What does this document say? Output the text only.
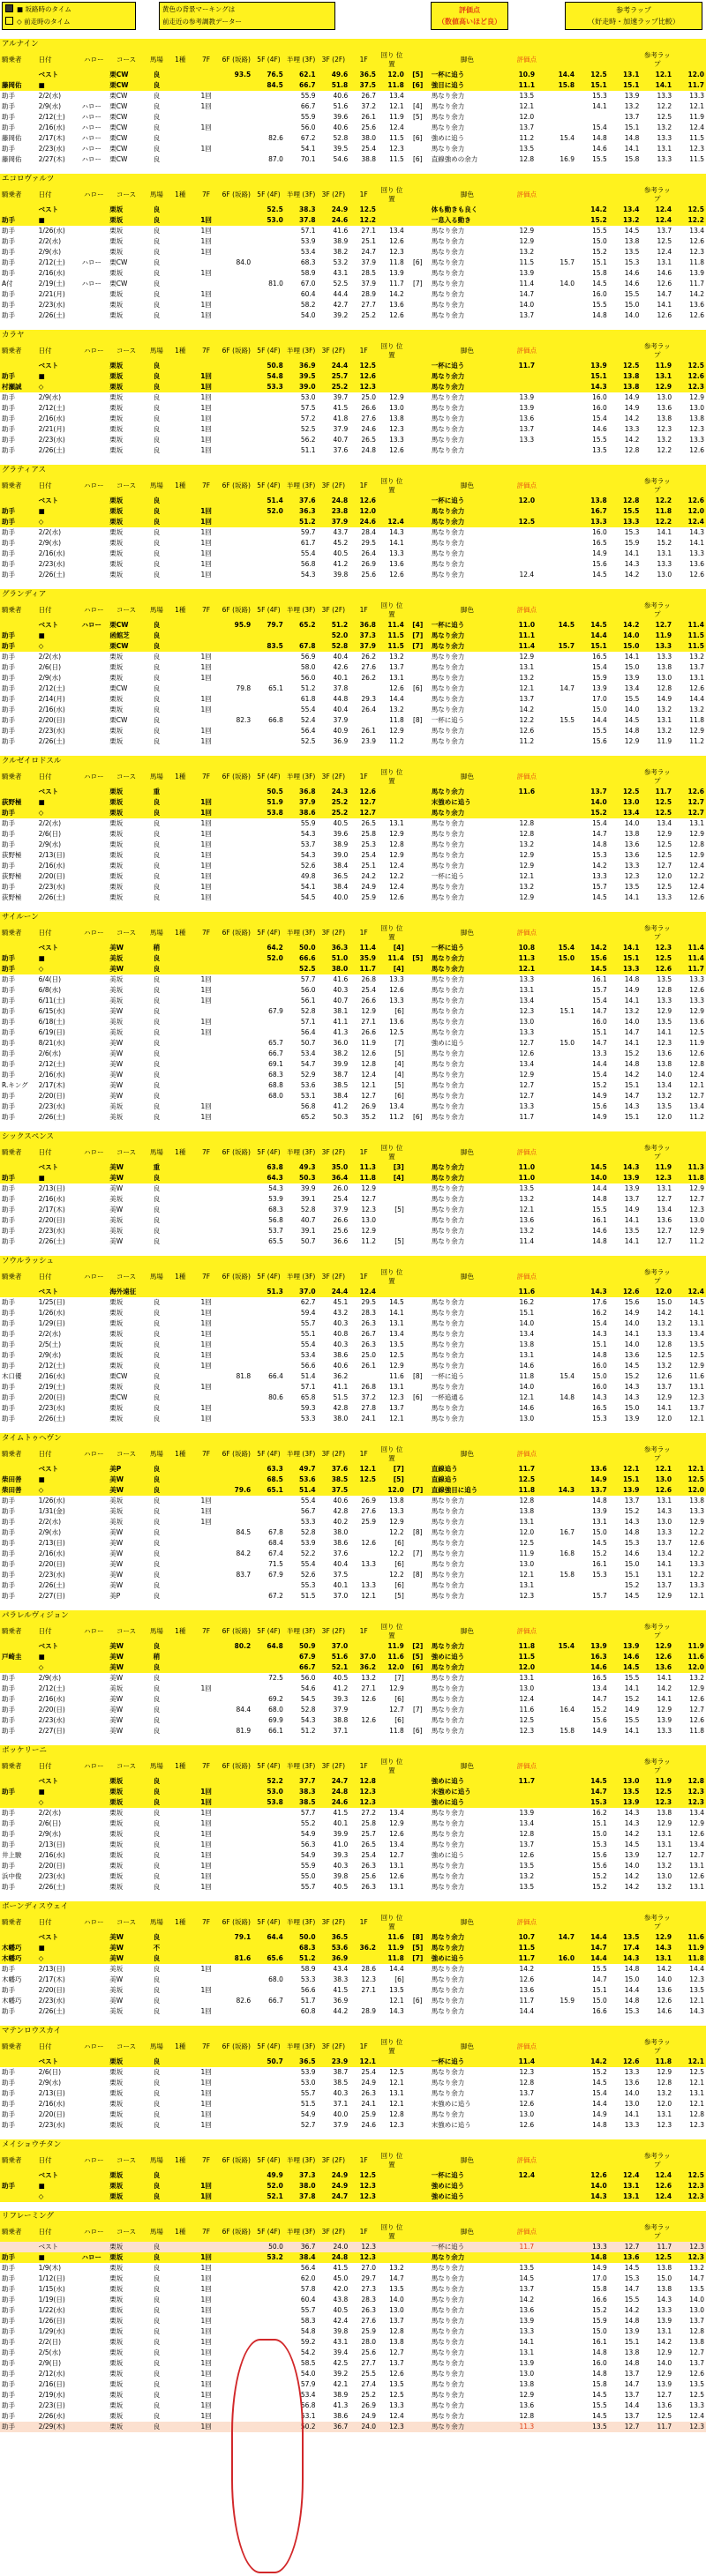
■ 坂路時のタイム
◇ 前走時のタイム
黄色の背景マーキングは
前走近の参考調教データー
評価点
（数値高いほど良）
参考ラップ
（好走時・加速ラップ比較）
アルナイン
騎乗者	日付	ハロー	コース	馬場	1種	7F	6F (坂路)	5F (4F)	半哩 (3F)	3F (2F)	1F	回り 位置		脚色	評価点				参考ラップ	
	ベスト		栗CW	良			93.5	76.5	62.1	49.6	36.5	12.0	[5]	一杯に追う	10.9	14.4	12.5	13.1	12.1	12.0
藤岡佑	■		栗CW	良				84.5	66.7	51.8	37.5	11.8	[6]	強目に追う	11.1	15.8	15.1	15.1	14.1	11.7
助手	2/2(水)		栗CW	良		1回			55.9	40.6	26.7	13.4		馬なり余力	13.5		15.3	13.9	13.3	13.3
助手	2/9(水)	ハロー	栗CW	良		1回			66.7	51.6	37.2	12.1	[4]	馬なり余力	12.1		14.1	13.2	12.2	12.1
助手	2/12(土)	ハロー	栗CW	良					55.9	39.6	26.1	11.9	[5]	馬なり余力	12.0			13.7	12.5	11.9
助手	2/16(水)	ハロー	栗CW	良		1回			56.0	40.6	25.6	12.4		馬なり余力	13.7		15.4	15.1	13.2	12.4
藤岡佑	2/17(木)	ハロー	栗CW	良				82.6	67.2	52.8	38.0	11.5	[6]	強めに追う	11.2	15.4	14.8	14.8	13.3	11.5
助手	2/23(水)	ハロー	栗CW	良		1回			54.1	39.5	25.4	12.3		馬なり余力	13.5		14.6	14.1	13.1	12.3
藤岡佑	2/27(木)	ハロー	栗CW	良				87.0	70.1	54.6	38.8	11.5	[6]	直線強めの余力	12.8	16.9	15.5	15.8	13.3	11.5
エコロヴァルツ
騎乗者	日付	ハロー	コース	馬場	1種	7F	6F (坂路)	5F (4F)	半哩 (3F)	3F (2F)	1F	回り 位置		脚色	評価点				参考ラップ	
	ベスト		栗坂	良				52.5	38.3	24.9	12.5			体も動きも良く			14.2	13.4	12.4	12.5
助手	■		栗坂	良		1回		53.0	37.8	24.6	12.2			一息入る動き			15.2	13.2	12.4	12.2
助手	1/26(水)		栗坂	良		1回			57.1	41.6	27.1	13.4		馬なり余力	12.9		15.5	14.5	13.7	13.4
助手	2/2(水)		栗坂	良		1回			53.9	38.9	25.1	12.6		馬なり余力	12.9		15.0	13.8	12.5	12.6
助手	2/9(水)		栗坂	良		1回			53.4	38.2	24.7	12.3		馬なり余力	13.2		15.2	13.5	12.4	12.3
助手	2/12(土)	ハロー	栗CW	良			84.0		68.3	53.2	37.9	11.8	[6]	馬なり余力	11.5	15.7	15.1	15.3	13.1	11.8
助手	2/16(水)		栗坂	良		1回			58.9	43.1	28.5	13.9		馬なり余力	13.9		15.8	14.6	14.6	13.9
A付	2/19(土)	ハロー	栗CW	良				81.0	67.0	52.5	37.9	11.7	[7]	馬なり余力	11.4	14.0	14.5	14.6	12.6	11.7
助手	2/21(月)		栗坂	良		1回			60.4	44.4	28.9	14.2		馬なり余力	14.7		16.0	15.5	14.7	14.2
助手	2/23(水)		栗坂	良		1回			58.2	42.7	27.7	13.6		馬なり余力	14.0		15.5	15.0	14.1	13.6
助手	2/26(土)		栗坂	良		1回			54.0	39.2	25.2	12.6		馬なり余力	13.7		14.8	14.0	12.6	12.6
カラヤ
騎乗者	日付	ハロー	コース	馬場	1種	7F	6F (坂路)	5F (4F)	半哩 (3F)	3F (2F)	1F	回り 位置		脚色	評価点				参考ラップ	
	ベスト		栗坂	良				50.8	36.9	24.4	12.5			一杯に追う	11.7		13.9	12.5	11.9	12.5
助手	■		栗坂	良		1回		54.8	39.5	25.7	12.6			馬なり余力			15.1	13.8	13.1	12.6
村瀬誠	◇		栗坂	良		1回		53.3	39.0	25.2	12.3			馬なり余力			14.3	13.8	12.9	12.3
助手	2/9(水)		栗坂	良		1回			53.0	39.7	25.0	12.9		馬なり余力	13.9		16.0	14.9	13.0	12.9
助手	2/12(土)		栗坂	良		1回			57.5	41.5	26.6	13.0		馬なり余力	13.9		16.0	14.9	13.6	13.0
助手	2/16(水)		栗坂	良		1回			57.2	41.8	27.6	13.8		馬なり余力	13.6		15.4	14.2	13.8	13.8
助手	2/21(月)		栗坂	良		1回			52.5	37.9	24.6	12.3		馬なり余力	13.7		14.6	13.3	12.3	12.3
助手	2/23(水)		栗坂	良		1回			56.2	40.7	26.5	13.3		馬なり余力	13.3		15.5	14.2	13.2	13.3
助手	2/26(土)		栗坂	良		1回			51.1	37.6	24.8	12.6		馬なり余力			13.5	12.8	12.2	12.6
グラティアス
騎乗者	日付	ハロー	コース	馬場	1種	7F	6F (坂路)	5F (4F)	半哩 (3F)	3F (2F)	1F	回り 位置		脚色	評価点				参考ラップ	
	ベスト		栗坂	良				51.4	37.6	24.8	12.6			一杯に追う	12.0		13.8	12.8	12.2	12.6
助手	■		栗坂	良		1回		52.0	36.3	23.8	12.0			馬なり余力			16.7	15.5	11.8	12.0
助手	◇		栗坂	良		1回			51.2	37.9	24.6	12.4		馬なり余力	12.5		13.3	13.3	12.2	12.4
助手	2/2(水)		栗坂	良		1回			59.7	43.7	28.4	14.3		馬なり余力			16.0	15.3	14.1	14.3
助手	2/9(水)		栗坂	良		1回			61.7	45.2	29.5	14.1		馬なり余力			16.5	15.9	15.2	14.1
助手	2/16(水)		栗坂	良		1回			55.4	40.5	26.4	13.3		馬なり余力			14.9	14.1	13.1	13.3
助手	2/23(水)		栗坂	良		1回			56.8	41.2	26.9	13.6		馬なり余力			15.6	14.3	13.3	13.6
助手	2/26(土)		栗坂	良		1回			54.3	39.8	25.6	12.6		馬なり余力	12.4		14.5	14.2	13.0	12.6
グランディア
騎乗者	日付	ハロー	コース	馬場	1種	7F	6F (坂路)	5F (4F)	半哩 (3F)	3F (2F)	1F	回り 位置		脚色	評価点				参考ラップ	
	ベスト	ハロー	栗CW	良			95.9	79.7	65.2	51.2	36.8	11.4	[4]	一杯に追う	11.0	14.5	14.5	14.2	12.7	11.4
助手	■		函館芝	良						52.0	37.3	11.5	[7]	馬なり余力	11.1		14.4	14.0	11.9	11.5
助手	◇		栗CW	良				83.5	67.8	52.8	37.9	11.5	[7]	馬なり余力	11.4	15.7	15.1	15.0	13.3	11.5
助手	2/2(水)		栗坂	良		1回			56.9	40.4	26.2	13.2		馬なり余力	12.9		16.5	14.1	13.3	13.2
助手	2/6(日)		栗坂	良		1回			58.0	42.6	27.6	13.7		馬なり余力	13.1		15.4	15.0	13.8	13.7
助手	2/9(水)		栗坂	良		1回			56.0	40.1	26.2	13.1		馬なり余力	13.2		15.9	13.9	13.0	13.1
助手	2/12(土)		栗CW	良			79.8	65.1	51.2	37.8		12.6	[6]	馬なり余力	12.1	14.7	13.9	13.4	12.8	12.6
助手	2/14(月)		栗坂	良		1回			61.8	44.8	29.3	14.4		馬なり余力	13.7		17.0	15.5	14.9	14.4
助手	2/16(水)		栗坂	良		1回			55.4	40.4	26.4	13.2		馬なり余力	14.2		15.0	14.0	13.2	13.2
助手	2/20(日)		栗CW	良			82.3	66.8	52.4	37.9		11.8	[8]	一杯に追う	12.2	15.5	14.4	14.5	13.1	11.8
助手	2/23(水)		栗坂	良		1回			56.4	40.9	26.1	12.9		馬なり余力	12.6		15.5	14.8	13.2	12.9
助手	2/26(土)		栗坂	良		1回			52.5	36.9	23.9	11.2		馬なり余力	11.2		15.6	12.9	11.9	11.2
クルゼイロドスル
騎乗者	日付	ハロー	コース	馬場	1種	7F	6F (坂路)	5F (4F)	半哩 (3F)	3F (2F)	1F	回り 位置		脚色	評価点				参考ラップ	
	ベスト		栗坂	重				50.5	36.8	24.3	12.6			馬なり余力	11.6		13.7	12.5	11.7	12.6
荻野極	■		栗坂	良		1回		51.9	37.9	25.2	12.7			末強めに追う			14.0	13.0	12.5	12.7
助手	◇		栗坂	良		1回		53.8	38.6	25.2	12.7			馬なり余力			15.2	13.4	12.5	12.7
助手	2/2(水)		栗坂	良		1回			55.9	40.5	26.5	13.1		馬なり余力	12.8		15.4	14.0	13.4	13.1
助手	2/6(日)		栗坂	良		1回			54.3	39.6	25.8	12.9		馬なり余力	12.8		14.7	13.8	12.9	12.9
助手	2/9(水)		栗坂	良		1回			53.7	38.9	25.3	12.8		馬なり余力	13.2		14.8	13.6	12.5	12.8
荻野極	2/13(日)		栗坂	良		1回			54.3	39.0	25.4	12.9		馬なり余力	12.9		15.3	13.6	12.5	12.9
助手	2/16(水)		栗坂	良		1回			52.6	38.4	25.1	12.4		馬なり余力	12.9		14.2	13.3	12.7	12.4
荻野極	2/20(日)		栗坂	良		1回			49.8	36.5	24.2	12.2		一杯に追う	12.1		13.3	12.3	12.0	12.2
助手	2/23(水)		栗坂	良		1回			54.1	38.4	24.9	12.4		馬なり余力	13.2		15.7	13.5	12.5	12.4
荻野極	2/26(土)		栗坂	良		1回			54.5	40.0	25.9	12.6		馬なり余力	12.9		14.5	14.1	13.3	12.6
サイルーン
騎乗者	日付	ハロー	コース	馬場	1種	7F	6F (坂路)	5F (4F)	半哩 (3F)	3F (2F)	1F	回り 位置		脚色	評価点				参考ラップ	
	ベスト		美W	稍				64.2	50.0	36.3	11.4	[4]		一杯に追う	10.8	15.4	14.2	14.1	12.3	11.4
助手	■		美坂	良				52.0	66.6	51.0	35.9	11.4	[5]	馬なり余力	11.3	15.0	15.6	15.1	12.5	11.4
助手	◇		美W	良					52.5	38.0	11.7	[4]		馬なり余力	12.1		14.5	13.3	12.6	11.7
助手	6/4(日)		美坂	良		1回			57.7	41.6	26.8	13.3		馬なり余力	13.3		16.1	14.8	13.5	13.3
助手	6/8(水)		美坂	良		1回			56.0	40.3	25.4	12.6		馬なり余力	13.1		15.7	14.9	12.8	12.6
助手	6/11(土)		美坂	良		1回			56.1	40.7	26.6	13.3		馬なり余力	13.4		15.4	14.1	13.3	13.3
助手	6/15(水)		美W	良				67.9	52.8	38.1	12.9	[6]		馬なり余力	12.3	15.1	14.7	13.2	12.9	12.9
助手	6/18(土)		美坂	良		1回			57.1	41.1	27.1	13.6		馬なり余力	13.0		16.0	14.0	13.5	13.6
助手	6/19(日)		美坂	良		1回			56.4	41.3	26.6	12.5		馬なり余力	13.3		15.1	14.7	14.1	12.5
助手	8/21(水)		美W	良				65.7	50.7	36.0	11.9	[7]		強めに追う	12.7	15.0	14.7	14.1	12.3	11.9
助手	2/6(水)		美W	良				66.7	53.4	38.2	12.6	[5]		馬なり余力	12.6		13.3	15.2	13.6	12.6
助手	2/12(土)		美W	良				69.1	54.7	39.9	12.8	[4]		馬なり余力	13.4		14.4	14.8	13.8	12.8
助手	2/16(水)		美W	良				68.3	52.9	38.7	12.4	[4]		馬なり余力	12.9		15.4	14.2	14.0	12.4
R.キング	2/17(木)		美W	良				68.8	53.6	38.5	12.1	[5]		馬なり余力	12.7		15.2	15.1	13.4	12.1
助手	2/20(日)		美W	良				68.0	53.1	38.4	12.7	[6]		馬なり余力	12.7		14.9	14.7	13.2	12.7
助手	2/23(水)		美坂	良		1回			56.8	41.2	26.9	13.4		馬なり余力	13.3		15.6	14.3	13.5	13.4
助手	2/26(土)		美坂	良		1回			65.2	50.3	35.2	11.2	[6]	馬なり余力	11.7		14.9	15.1	12.0	11.2
シックスペンス
騎乗者	日付	ハロー	コース	馬場	1種	7F	6F (坂路)	5F (4F)	半哩 (3F)	3F (2F)	1F	回り 位置		脚色	評価点				参考ラップ	
	ベスト		美W	重				63.8	49.3	35.0	11.3	[3]		馬なり余力	11.0		14.5	14.3	11.9	11.3
助手	■		美W	良				64.3	50.3	36.4	11.8	[4]		馬なり余力	11.0		14.0	13.9	12.3	11.8
助手	2/13(日)		美W	良				54.3	39.9	26.0	12.9			馬なり余力	13.5		14.4	13.9	13.1	12.9
助手	2/16(水)		美坂	良				53.9	39.1	25.4	12.7			馬なり余力	13.2		14.8	13.7	12.7	12.7
助手	2/17(木)		美W	良				68.3	52.8	37.9	12.3	[5]		馬なり余力	12.1		15.5	14.9	13.4	12.3
助手	2/20(日)		美坂	良				56.8	40.7	26.6	13.0			馬なり余力	13.6		16.1	14.1	13.6	13.0
助手	2/23(水)		美坂	良				53.7	39.1	25.6	12.9			馬なり余力	13.2		14.6	13.5	12.7	12.9
助手	2/26(土)		美W	良				65.5	50.7	36.6	11.2	[5]		馬なり余力	11.4		14.8	14.1	12.7	11.2
ソウルラッシュ
騎乗者	日付	ハロー	コース	馬場	1種	7F	6F (坂路)	5F (4F)	半哩 (3F)	3F (2F)	1F	回り 位置		脚色	評価点				参考ラップ	
	ベスト		海外遠征					51.3	37.0	24.4	12.4				11.6		14.3	12.6	12.0	12.4
助手	1/25(日)		栗坂	良		1回			62.7	45.1	29.5	14.5		馬なり余力	16.2		17.6	15.6	15.0	14.5
助手	1/26(水)		栗坂	良		1回			59.4	43.2	28.3	14.1		馬なり余力	15.1		16.2	14.9	14.2	14.1
助手	1/29(日)		栗坂	良		1回			55.7	40.3	26.3	13.1		馬なり余力	14.0		15.4	14.0	13.2	13.1
助手	2/2(水)		栗坂	良		1回			55.1	40.8	26.7	13.4		馬なり余力	13.4		14.3	14.1	13.3	13.4
助手	2/5(土)		栗坂	良		1回			55.4	40.3	26.3	13.5		馬なり余力	13.8		15.1	14.0	12.8	13.5
助手	2/9(水)		栗坂	良		1回			53.4	38.6	25.0	12.5		馬なり余力	13.1		14.8	13.6	12.5	12.5
助手	2/12(土)		栗坂	良		1回			56.6	40.6	26.1	12.9		馬なり余力	14.6		16.0	14.5	13.2	12.9
木口優	2/16(水)		栗CW	良			81.8	66.4	51.4	36.2		11.6	[8]	一杯に追う	11.8	15.4	15.0	15.2	12.6	11.6
助手	2/19(土)		栗坂	良		1回			57.1	41.1	26.8	13.1		馬なり余力	14.0		16.0	14.3	13.7	13.1
助手	2/20(日)		栗CW	良				80.6	65.8	51.5	37.2	12.3	[6]	一杯追通る	12.1	14.8	14.3	14.3	12.9	12.3
助手	2/23(水)		栗坂	良		1回			59.3	42.8	27.8	13.7		馬なり余力	14.6		16.5	15.0	14.1	13.7
助手	2/26(土)		栗坂	良		1回			53.3	38.0	24.1	12.1		馬なり余力	13.0		15.3	13.9	12.0	12.1
タイムトゥヘヴン
騎乗者	日付	ハロー	コース	馬場	1種	7F	6F (坂路)	5F (4F)	半哩 (3F)	3F (2F)	1F	回り 位置		脚色	評価点				参考ラップ	
	ベスト		美P	良				63.3	49.7	37.6	12.1	[7]		直線追う	11.7		13.6	12.1	12.1	12.1
柴田善	■		美W	良				68.5	53.6	38.5	12.5	[5]		直線追う	12.5		14.9	15.1	13.0	12.5
柴田善	◇		美W	良			79.6	65.1	51.4	37.5		12.0	[7]	直線強目に追う	11.8	14.3	13.7	13.9	12.6	12.0
助手	1/26(水)		美坂	良		1回			55.4	40.6	26.9	13.8		馬なり余力	12.8		14.8	13.7	13.1	13.8
助手	1/31(金)		美坂	良		1回			56.7	42.8	27.6	13.3		馬なり余力	13.8		13.9	15.2	14.3	13.3
助手	2/2(水)		美坂	良		1回			53.3	40.2	25.9	12.9		馬なり余力	13.1		13.1	14.3	13.0	12.9
助手	2/9(水)		美W	良			84.5	67.8	52.8	38.0		12.2	[8]	馬なり余力	12.0	16.7	15.0	14.8	13.3	12.2
助手	2/13(日)		美W	良				68.4	53.9	38.6	12.6	[6]		馬なり余力	12.5		14.5	15.3	13.7	12.6
助手	2/16(水)		美W	良			84.2	67.4	52.2	37.6		12.2	[7]	馬なり余力	11.9	16.8	15.2	14.6	13.4	12.2
助手	2/20(日)		美W	良				71.5	55.4	40.4	13.3	[6]		馬なり余力	13.0		16.1	15.0	14.1	13.3
助手	2/23(水)		美W	良			83.7	67.9	52.6	37.5		12.2	[8]	馬なり余力	12.1	15.8	15.3	15.1	13.1	12.2
助手	2/26(土)		美W	良					55.3	40.1	13.3	[6]		馬なり余力	13.1			15.2	13.7	13.3
助手	2/27(日)		美P	良				67.2	51.5	37.0	12.1	[5]		馬なり余力	12.3		15.7	14.5	12.9	12.1
パラレルヴィジョン
騎乗者	日付	ハロー	コース	馬場	1種	7F	6F (坂路)	5F (4F)	半哩 (3F)	3F (2F)	1F	回り 位置		脚色	評価点				参考ラップ	
	ベスト		美W	良			80.2	64.8	50.9	37.0		11.9	[2]	馬なり余力	11.8	15.4	13.9	13.9	12.9	11.9
戸崎圭	■		美W	稍					67.9	51.6	37.0	11.6	[5]	強めに追う	11.5		16.3	14.6	12.6	11.6
	◇		美W	良					66.7	52.1	36.2	12.0	[6]	馬なり余力	12.0		14.6	14.5	13.6	12.0
助手	2/9(水)		美W	良				72.5	56.0	40.5	13.2	[7]		馬なり余力	13.1		16.5	15.5	14.1	13.2
助手	2/12(土)		美坂	良		1回			54.6	41.2	27.1	12.9		馬なり余力	13.0		13.4	14.1	14.2	12.9
助手	2/16(水)		美W	良				69.2	54.5	39.3	12.6	[6]		馬なり余力	12.4		14.7	15.2	14.1	12.6
助手	2/20(日)		美W	良			84.4	68.0	52.8	37.9		12.7	[7]	馬なり余力	11.6	16.4	15.2	14.9	12.9	12.7
助手	2/23(水)		美W	良				69.9	54.3	38.8	12.6	[6]		馬なり余力	12.5		15.6	15.5	13.9	12.6
助手	2/27(日)		美W	良			81.9	66.1	51.2	37.1		11.8	[6]	馬なり余力	12.3	15.8	14.9	14.1	13.3	11.8
ボッケリーニ
騎乗者	日付	ハロー	コース	馬場	1種	7F	6F (坂路)	5F (4F)	半哩 (3F)	3F (2F)	1F	回り 位置		脚色	評価点				参考ラップ	
	ベスト		栗坂	良				52.2	37.7	24.7	12.8			強めに追う	11.7		14.5	13.0	11.9	12.8
助手	■		栗坂	良		1回		53.0	38.3	24.8	12.3			末強めに追う			14.7	13.5	12.5	12.3
	◇		栗坂	良		1回		53.8	38.5	24.6	12.3			強めに追う			15.3	13.9	12.3	12.3
助手	2/2(水)		栗坂	良		1回			57.7	41.5	27.2	13.4		馬なり余力	13.9		16.2	14.3	13.8	13.4
助手	2/6(日)		栗坂	良		1回			55.2	40.1	25.8	12.9		馬なり余力	13.4		15.1	14.3	12.9	12.9
助手	2/9(水)		栗坂	良		1回			54.9	39.9	25.7	12.6		馬なり余力	12.8		15.0	14.2	13.1	12.6
助手	2/13(日)		栗坂	良		1回			56.3	41.0	26.5	13.4		馬なり余力	13.7		15.3	14.5	13.1	13.4
井上駿	2/16(水)		栗坂	良		1回			54.9	39.3	25.4	12.7		強めに追う	12.6		15.6	13.9	12.7	12.7
助手	2/20(日)		栗坂	良		1回			55.9	40.3	26.3	13.1		馬なり余力	13.5		15.6	14.0	13.2	13.1
浜中俊	2/23(水)		栗坂	良		1回			55.0	39.8	25.6	12.6		馬なり余力	13.2		15.2	14.2	13.0	12.6
助手	2/26(土)		栗坂	良		1回			55.7	40.5	26.3	13.1		馬なり余力	13.5		15.2	14.2	13.2	13.1
ボーンディスウェイ
騎乗者	日付	ハロー	コース	馬場	1種	7F	6F (坂路)	5F (4F)	半哩 (3F)	3F (2F)	1F	回り 位置		脚色	評価点				参考ラップ	
	ベスト		美W	良			79.1	64.4	50.0	36.5		11.6	[8]	馬なり余力	10.7	14.7	14.4	13.5	12.9	11.6
木幡巧	■		美W	不					68.3	53.6	36.2	11.9	[5]	馬なり余力	11.5		14.7	17.4	14.3	11.9
木幡巧	◇		美W	良			81.6	65.6	51.2	36.9		11.8	[7]	強めに追う	11.7	16.0	14.4	14.3	13.1	11.8
助手	2/13(日)		美坂	良		1回			58.9	43.4	28.6	14.4		馬なり余力	14.2		15.5	14.8	14.2	14.4
木幡巧	2/17(木)		美W	良				68.0	53.3	38.3	12.3	[6]		馬なり余力	12.6		14.7	15.0	14.0	12.3
助手	2/20(日)		美坂	良		1回			56.6	41.5	27.1	13.5		馬なり余力	13.6		15.1	14.4	13.6	13.5
木幡巧	2/23(水)		美W	良			82.6	66.7	51.7	36.9		12.1	[6]	馬なり余力	11.7	15.9	15.0	14.8	12.6	12.1
助手	2/26(土)		美坂	良		1回			60.8	44.2	28.9	14.3		馬なり余力	14.4		16.6	15.3	14.6	14.3
マテンロウスカイ
騎乗者	日付	ハロー	コース	馬場	1種	7F	6F (坂路)	5F (4F)	半哩 (3F)	3F (2F)	1F	回り 位置		脚色	評価点				参考ラップ	
	ベスト		栗坂	良				50.7	36.5	23.9	12.1			一杯に追う	11.4		14.2	12.6	11.8	12.1
助手	2/6(日)		栗坂	良		1回			53.9	38.7	25.4	12.5		馬なり余力	12.3		15.2	13.3	12.9	12.5
助手	2/9(水)		栗坂	良		1回			53.0	38.5	24.9	12.1		馬なり余力	12.8		14.5	13.6	12.8	12.1
助手	2/13(日)		栗坂	良		1回			55.7	40.3	26.3	13.1		馬なり余力	13.7		15.4	14.0	13.2	13.1
助手	2/16(水)		栗坂	良		1回			51.5	37.1	24.1	12.1		末強めに追う	12.6		14.4	13.0	12.0	12.1
助手	2/20(日)		栗坂	良		1回			54.9	40.0	25.9	12.8		馬なり余力	13.0		14.9	14.1	13.1	12.8
助手	2/23(水)		栗坂	良		1回			52.7	37.9	24.6	12.3		末強めに追う	12.6		14.8	13.3	12.3	12.3
メイショウチタン
騎乗者	日付	ハロー	コース	馬場	1種	7F	6F (坂路)	5F (4F)	半哩 (3F)	3F (2F)	1F	回り 位置		脚色	評価点				参考ラップ	
	ベスト		栗坂	良				49.9	37.3	24.9	12.5			一杯に追う	12.4		12.6	12.4	12.4	12.5
助手	■		栗坂	良		1回		52.0	38.0	24.9	12.3			強めに追う			14.0	13.1	12.6	12.3
	◇		栗坂	良		1回		52.1	37.8	24.7	12.3			強めに追う			14.3	13.1	12.4	12.3
リフレーミング
騎乗者	日付	ハロー	コース	馬場	1種	7F	6F (坂路)	5F (4F)	半哩 (3F)	3F (2F)	1F	回り 位置		脚色	評価点				参考ラップ	
	ベスト		栗坂	良				50.0	36.7	24.0	12.3			一杯に追う	11.7		13.3	12.7	11.7	12.3
助手	■	ハロー	栗坂	良		1回		53.2	38.4	24.8	12.3			馬なり余力			14.8	13.6	12.5	12.3
助手	1/9(木)		栗坂	良		1回			56.4	41.5	27.0	13.2		馬なり余力	13.5		14.9	14.5	13.8	13.2
助手	1/12(日)		栗坂	良		1回			62.0	45.0	29.7	14.7		馬なり余力	14.5		17.0	15.3	15.0	14.7
助手	1/15(水)		栗坂	良		1回			57.8	42.0	27.3	13.5		馬なり余力	13.7		15.8	14.7	13.8	13.5
助手	1/19(日)		栗坂	良		1回			60.4	43.8	28.3	14.0		馬なり余力	14.2		16.6	15.5	14.3	14.0
助手	1/22(水)		栗坂	良		1回			55.7	40.5	26.3	13.0		馬なり余力	13.6		15.2	14.2	13.3	13.0
助手	1/26(日)		栗坂	良		1回			58.3	42.4	27.6	13.7		馬なり余力	13.9		15.9	14.8	13.9	13.7
助手	1/29(水)		栗坂	良		1回			54.8	39.8	25.9	12.8		馬なり余力	13.3		15.0	13.9	13.1	12.8
助手	2/2(日)		栗坂	良		1回			59.2	43.1	28.0	13.8		馬なり余力	14.1		16.1	15.1	14.2	13.8
助手	2/5(水)		栗坂	良		1回			54.2	39.4	25.6	12.7		馬なり余力	13.1		14.8	13.8	12.9	12.7
助手	2/9(日)		栗坂	良		1回			58.5	42.5	27.7	13.7		馬なり余力	13.9		16.0	14.8	14.0	13.7
助手	2/12(水)		栗坂	良		1回			54.0	39.2	25.5	12.6		馬なり余力	13.0		14.8	13.7	12.9	12.6
助手	2/16(日)		栗坂	良		1回			57.9	42.1	27.4	13.5		馬なり余力	13.8		15.8	14.7	13.9	13.5
助手	2/19(水)		栗坂	良		1回			53.4	38.9	25.2	12.5		馬なり余力	12.9		14.5	13.7	12.7	12.5
助手	2/23(日)		栗坂	良		1回			56.8	41.3	26.9	13.3		馬なり余力	13.6		15.5	14.4	13.6	13.3
助手	2/26(水)		栗坂	良		1回			53.1	38.6	24.9	12.4		馬なり余力	12.8		14.5	13.7	12.5	12.4
助手	2/29(木)		栗坂	良		1回			50.2	36.7	24.0	12.3		馬なり余力	11.3		13.5	12.7	11.7	12.3
